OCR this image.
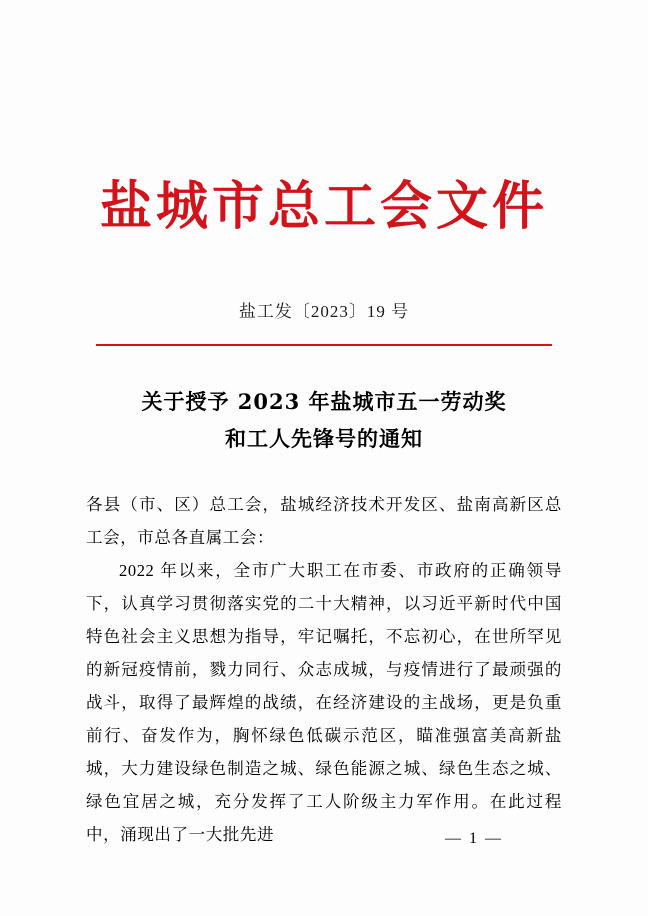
盐城市总工会文件
盐工发〔2023〕19 号
关于授予 2023 年盐城市五一劳动奖
和工人先锋号的通知

各县（市、区）总工会，盐城经济技术开发区、盐南高新区总工会，市总各直属工会：

2022 年以来，全市广大职工在市委、市政府的正确领导下，认真学习贯彻落实党的二十大精神，以习近平新时代中国特色社会主义思想为指导，牢记嘱托，不忘初心，在世所罕见的新冠疫情前，戮力同行、众志成城，与疫情进行了最顽强的战斗，取得了最辉煌的战绩，在经济建设的主战场，更是负重前行、奋发作为，胸怀绿色低碳示范区，瞄准强富美高新盐城，大力建设绿色制造之城、绿色能源之城、绿色生态之城、绿色宜居之城，充分发挥了工人阶级主力军作用。在此过程中，涌现出了一大批先进	— 1 —
